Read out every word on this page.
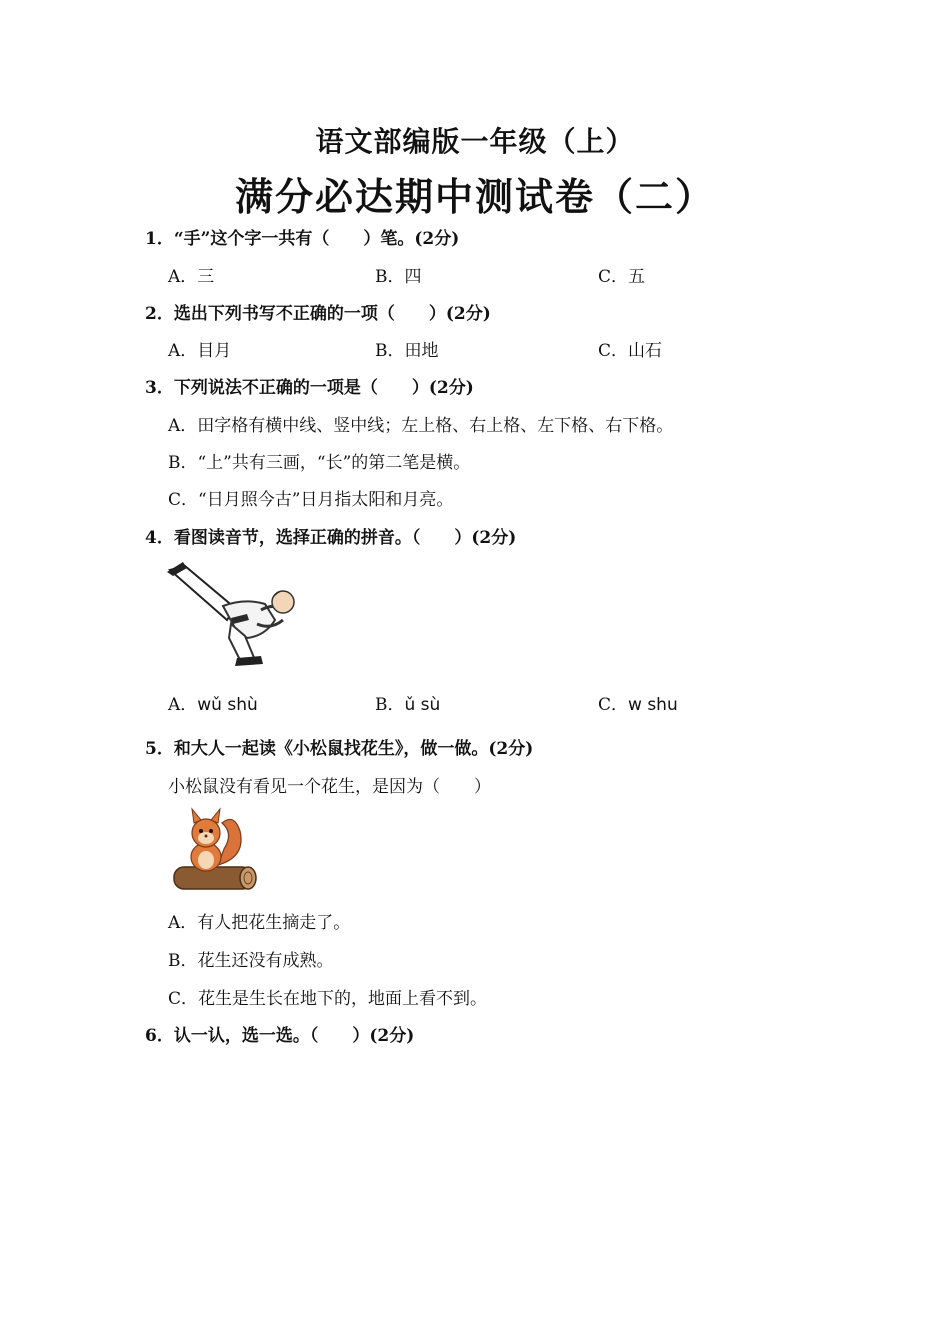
语文部编版一年级（上）
满分必达期中测试卷（二）
1．“手”这个字一共有（　　）笔。(2分)
A．三	B．四	C．五
2．选出下列书写不正确的一项（　　）(2分)
A．目月	B．田地	C．山石
3．下列说法不正确的一项是（　　）(2分)
A．田字格有横中线、竖中线；左上格、右上格、左下格、右下格。
B．“上”共有三画，“长”的第二笔是横。
C．“日月照今古”日月指太阳和月亮。
4．看图读音节，选择正确的拼音。（　　）(2分)
A．wǔ shù	B．ǔ sù	C．w shu
5．和大人一起读《小松鼠找花生》，做一做。(2分)
小松鼠没有看见一个花生，是因为（　　）
A．有人把花生摘走了。
B．花生还没有成熟。
C．花生是生长在地下的，地面上看不到。
6．认一认，选一选。（　　）(2分)
